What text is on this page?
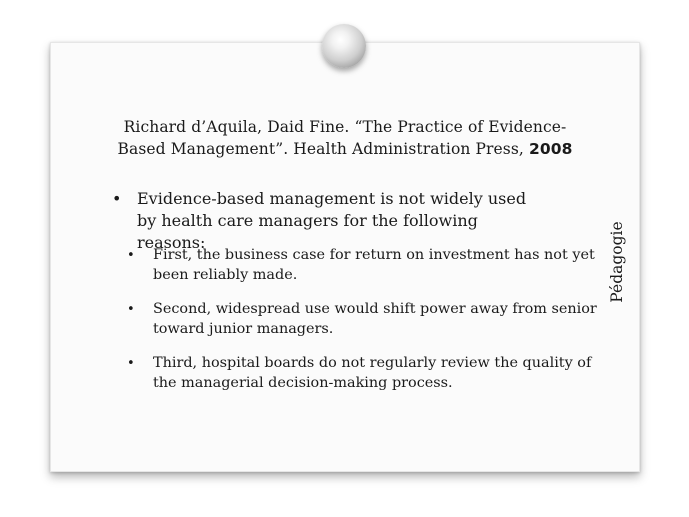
Richard d’Aquila, Daid Fine. “The Practice of Evidence-
Based Management”. Health Administration Press, 2008
• Evidence-based management is not widely used by health care managers for the following reasons:
• First, the business case for return on investment has not yet been reliably made.
• Second, widespread use would shift power away from senior toward junior managers.
• Third, hospital boards do not regularly review the quality of the managerial decision-making process.
Pédagogie
